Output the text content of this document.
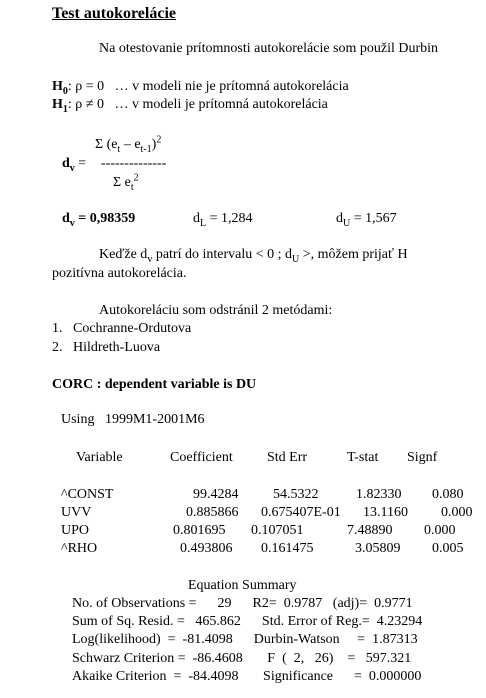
Test autokorelácie
Na otestovanie prítomnosti autokorelácie som použil Durbin
$H_0$: ρ = 0 … v modeli nie je prítomná autokorelácia
$H_1$: ρ ≠ 0 … v modeli je prítomná autokorelácia
Σ $(e_t - e_{t-1})^2$
$d_v$ = --------------
Σ $e_t^2$
$d_v = 0,98359$	$d_L = 1,284$	$d_U = 1,567$
Keďže $d_v$ patrí do intervalu < 0 ; $d_U$ >, môžem prijať H
pozitívna autokorelácia.
Autokoreláciu som odstránil 2 metódami:
1. Cochranne-Ordutova
2. Hildreth-Luova
CORC : dependent variable is DU
Using 1999M1-2001M6
Variable	Coefficient Std Err	T-stat Signf
^CONST	99.4284 54.5322	1.82330 0.080
UVV	0.885866 0.675407E-01 13.1160 0.000
UPO	0.801695 0.107051	7.48890 0.000
^RHO	0.493806 0.161475	3.05809 0.005
Equation Summary
No. of Observations =      29      R2=  0.9787   (adj)=  0.9771
Sum of Sq. Resid. =   465.862      Std. Error of Reg.=  4.23294
Log(likelihood)  =  -81.4098      Durbin-Watson     =  1.87313
Schwarz Criterion =  -86.4608       F  (  2,   26)    =   597.321
Akaike Criterion  =  -84.4098       Significance      =  0.000000
